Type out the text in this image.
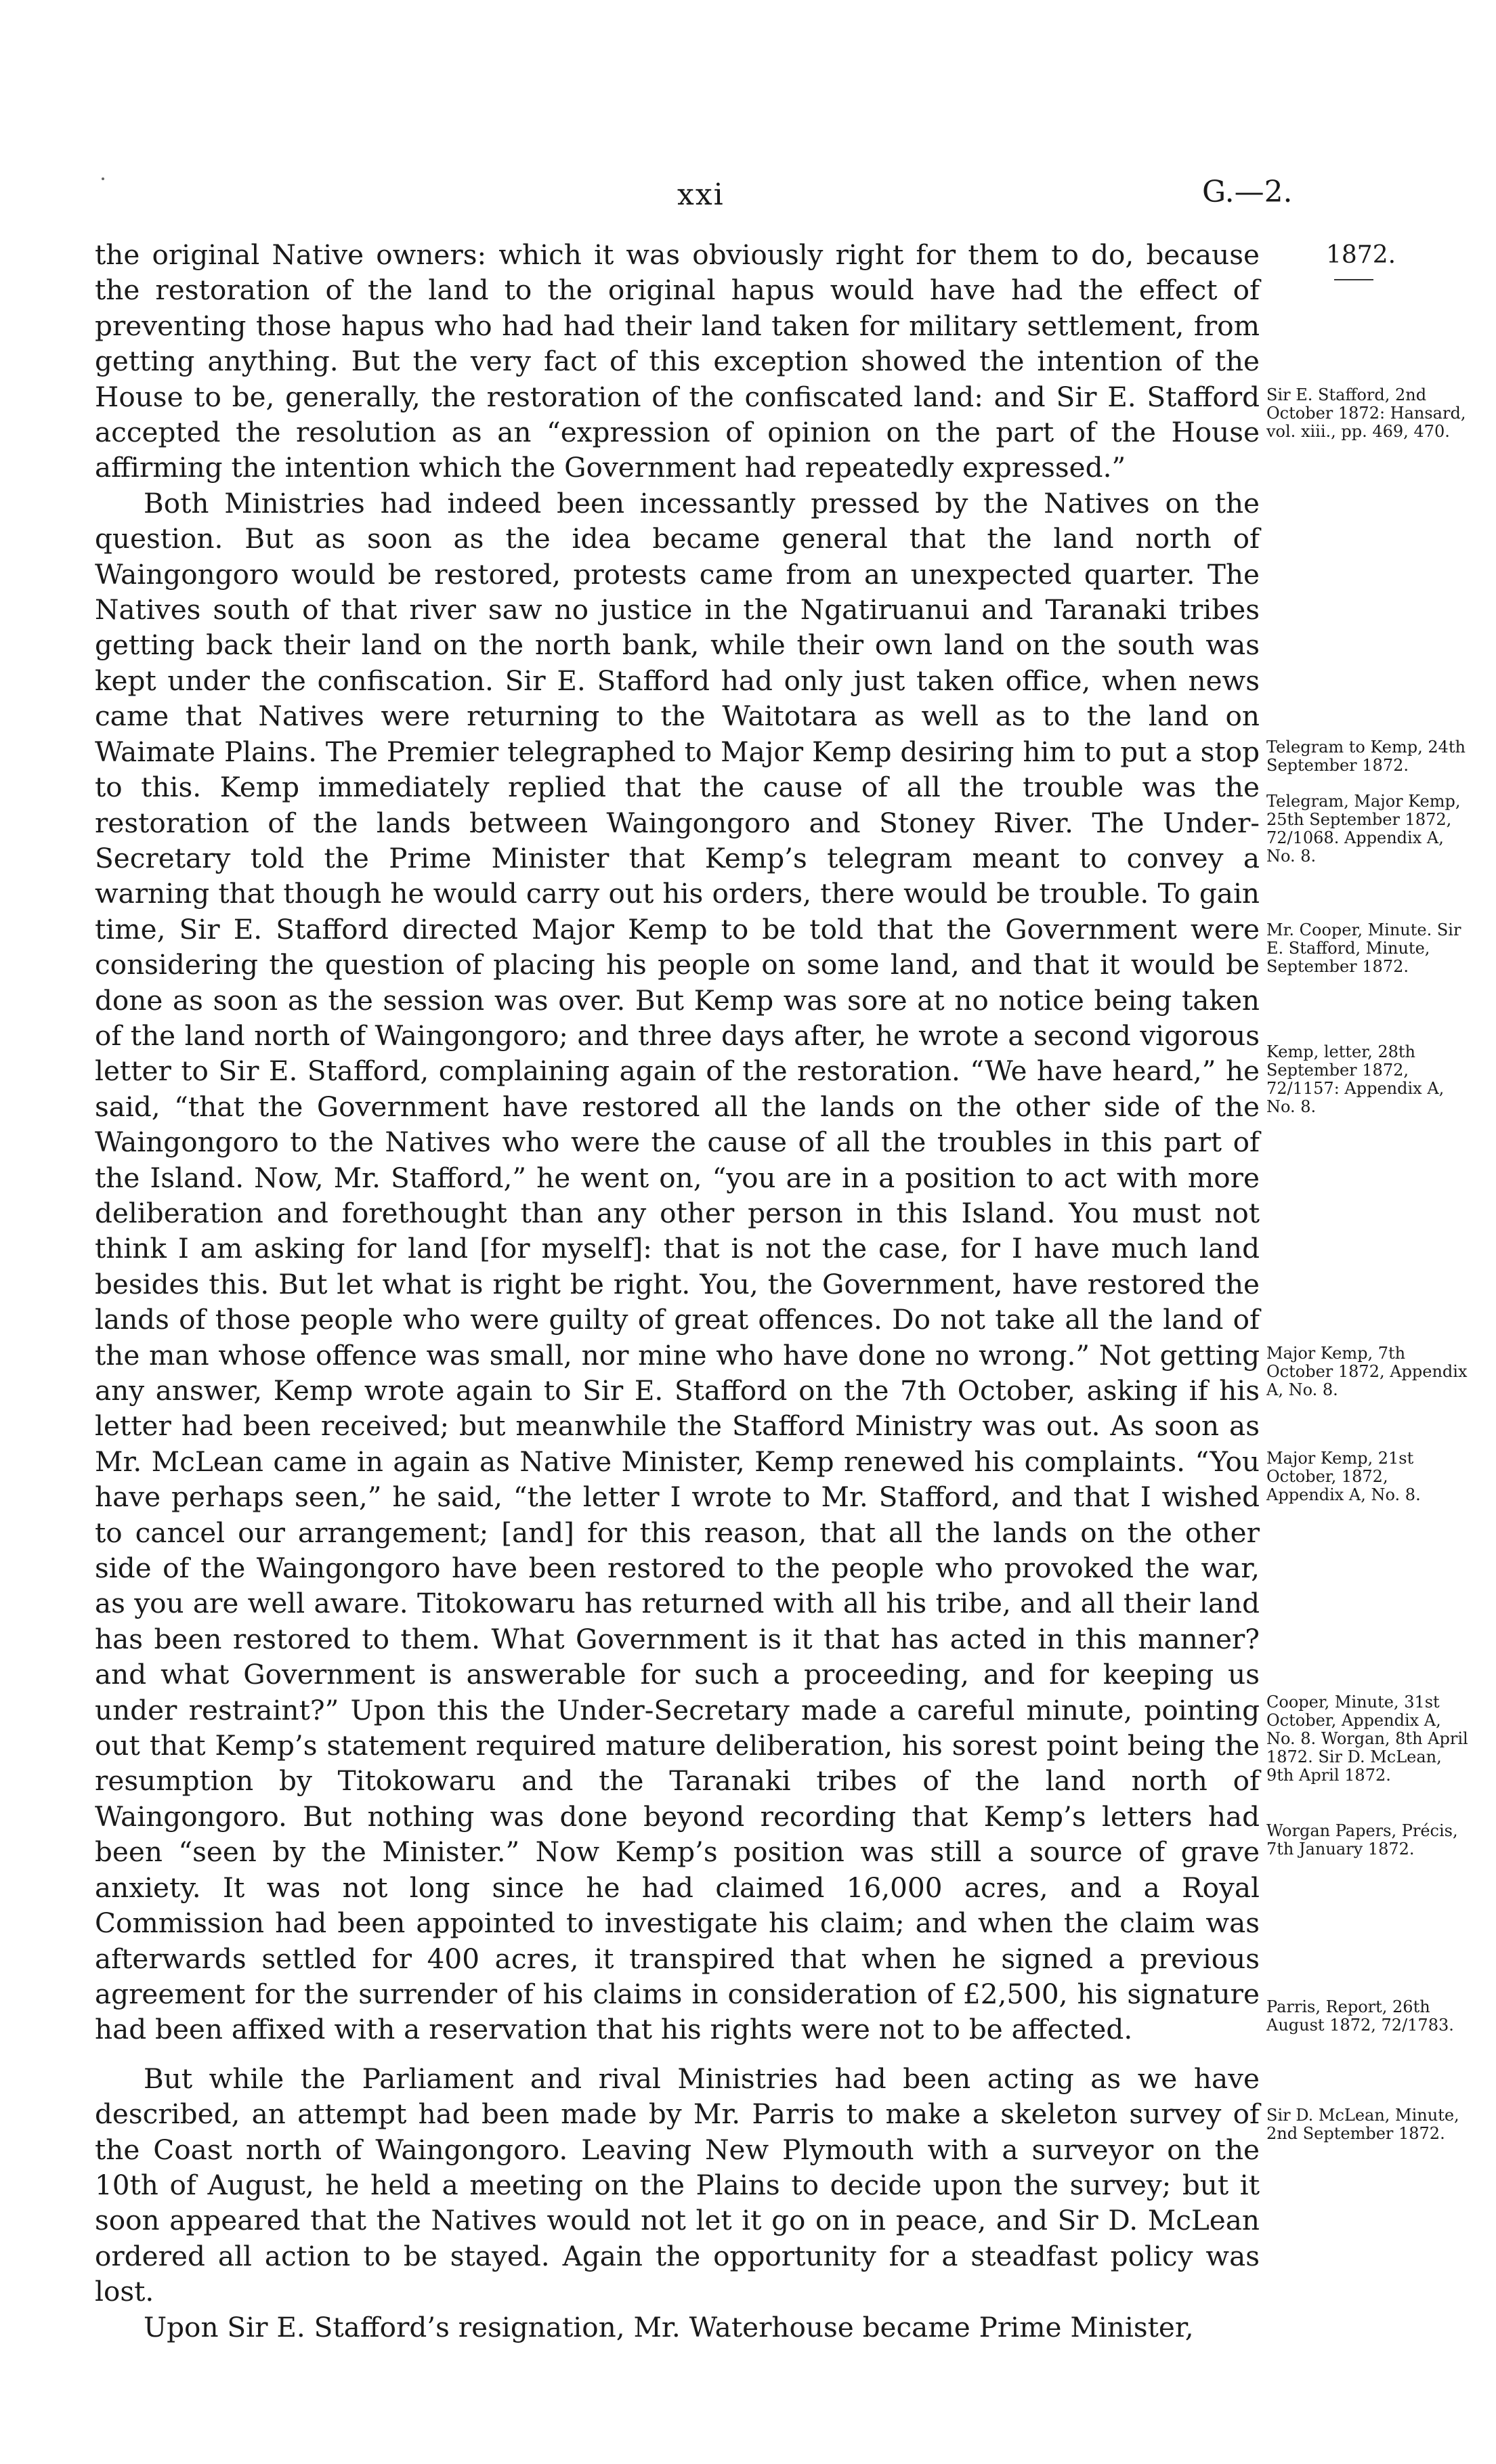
xxi	G.—2.
1872.

the original Native owners: which it was obviously right for them to do, because the restoration of the land to the original hapus would have had the effect of preventing those hapus who had had their land taken for military settlement, from getting anything. But the very fact of this exception showed the intention of the House to be, generally, the restoration of the confiscated land: and Sir E. Stafford accepted the resolution as an “expression of opinion on the part of the House affirming the intention which the Government had repeatedly expressed.”

Both Ministries had indeed been incessantly pressed by the Natives on the question. But as soon as the idea became general that the land north of Waingongoro would be restored, protests came from an unexpected quarter. The Natives south of that river saw no justice in the Ngatiruanui and Taranaki tribes getting back their land on the north bank, while their own land on the south was kept under the confiscation. Sir E. Stafford had only just taken office, when news came that Natives were returning to the Waitotara as well as to the land on Waimate Plains. The Premier telegraphed to Major Kemp desiring him to put a stop to this. Kemp immediately replied that the cause of all the trouble was the restoration of the lands between Waingongoro and Stoney River. The Under-Secretary told the Prime Minister that Kemp’s telegram meant to convey a warning that though he would carry out his orders, there would be trouble. To gain time, Sir E. Stafford directed Major Kemp to be told that the Government were considering the question of placing his people on some land, and that it would be done as soon as the session was over. But Kemp was sore at no notice being taken of the land north of Waingongoro; and three days after, he wrote a second vigorous letter to Sir E. Stafford, complaining again of the restoration. “We have heard,” he said, “that the Government have restored all the lands on the other side of the Waingongoro to the Natives who were the cause of all the troubles in this part of the Island. Now, Mr. Stafford,” he went on, “you are in a position to act with more deliberation and forethought than any other person in this Island. You must not think I am asking for land [for myself]: that is not the case, for I have much land besides this. But let what is right be right. You, the Government, have restored the lands of those people who were guilty of great offences. Do not take all the land of the man whose offence was small, nor mine who have done no wrong.” Not getting any answer, Kemp wrote again to Sir E. Stafford on the 7th October, asking if his letter had been received; but meanwhile the Stafford Ministry was out. As soon as Mr. McLean came in again as Native Minister, Kemp renewed his complaints. “You have perhaps seen,” he said, “the letter I wrote to Mr. Stafford, and that I wished to cancel our arrangement; [and] for this reason, that all the lands on the other side of the Waingongoro have been restored to the people who provoked the war, as you are well aware. Titokowaru has returned with all his tribe, and all their land has been restored to them. What Government is it that has acted in this manner? and what Government is answerable for such a proceeding, and for keeping us under restraint?” Upon this the Under-Secretary made a careful minute, pointing out that Kemp’s statement required mature deliberation, his sorest point being the resumption by Titokowaru and the Taranaki tribes of the land north of Waingongoro. But nothing was done beyond recording that Kemp’s letters had been “seen by the Minister.” Now Kemp’s position was still a source of grave anxiety. It was not long since he had claimed 16,000 acres, and a Royal Commission had been appointed to investigate his claim; and when the claim was afterwards settled for 400 acres, it transpired that when he signed a previous agreement for the surrender of his claims in consideration of £2,500, his signature had been affixed with a reservation that his rights were not to be affected.

But while the Parliament and rival Ministries had been acting as we have described, an attempt had been made by Mr. Parris to make a skeleton survey of the Coast north of Waingongoro. Leaving New Plymouth with a surveyor on the 10th of August, he held a meeting on the Plains to decide upon the survey; but it soon appeared that the Natives would not let it go on in peace, and Sir D. McLean ordered all action to be stayed. Again the opportunity for a steadfast policy was lost.

Upon Sir E. Stafford’s resignation, Mr. Waterhouse became Prime Minister,

Sir E. Stafford, 2nd October 1872: Hansard, vol. xiii., pp. 469, 470.
Telegram to Kemp, 24th September 1872.
Telegram, Major Kemp, 25th September 1872, 72/1068. Appendix A, No. 8.
Mr. Cooper, Minute. Sir E. Stafford, Minute, September 1872.
Kemp, letter, 28th September 1872, 72/1157: Appendix A, No. 8.
Major Kemp, 7th October 1872, Appendix A, No. 8.
Major Kemp, 21st October, 1872, Appendix A, No. 8.
Cooper, Minute, 31st October, Appendix A, No. 8. Worgan, 8th April 1872. Sir D. McLean, 9th April 1872.
Worgan Papers, Précis, 7th January 1872.
Parris, Report, 26th August 1872, 72/1783.
Sir D. McLean, Minute, 2nd September 1872.
